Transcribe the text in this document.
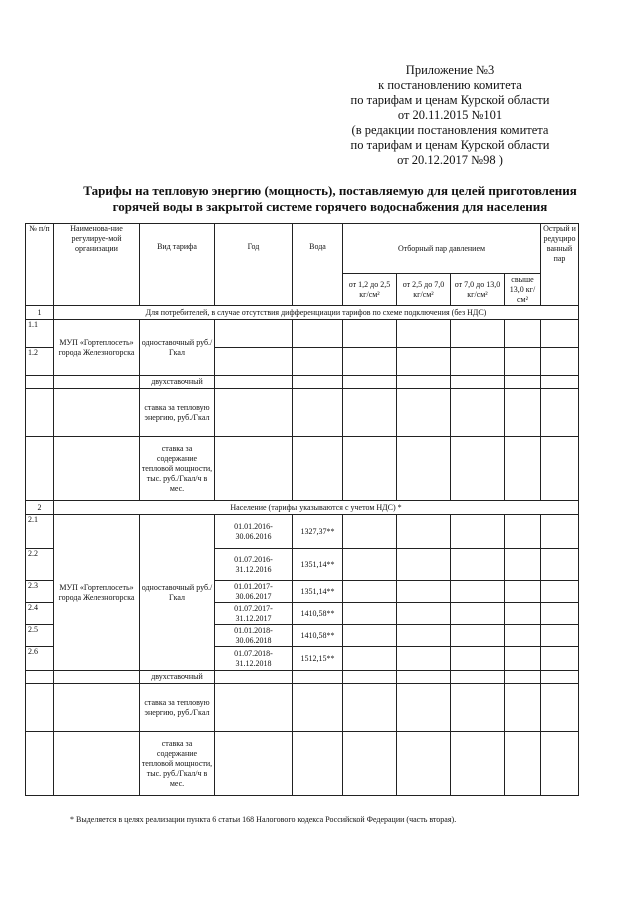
Приложение №3
к постановлению комитета
по тарифам и ценам Курской области
от 20.11.2015 №101
(в редакции постановления комитета
по тарифам и ценам Курской области
от 20.12.2017 №98 )
Тарифы на тепловую энергию (мощность), поставляемую для целей приготовления
горячей воды в закрытой системе горячего водоснабжения для населения
№ п/п	Наименова-ние регулируе-мой организации	Вид тарифа	Год	Вода	Отборный пар давлением				Острый и редуциро ванный пар
					от 1,2 до 2,5 кг/см²	от 2,5 до 7,0 кг/см²	от 7,0 до 13,0 кг/см²	свыше 13,0 кг/см²	
1	Для потребителей, в случае отсутствия дифференциации тарифов по схеме подключения (без НДС)								
1.1	МУП «Гортеплосеть» города Железногорска	одноставочный руб./Гкал							
1.2									
		двухставочный							
		ставка за тепловую энергию, руб./Гкал							
		ставка за содержание тепловой мощности, тыс. руб./Гкал/ч в мес.							
2	Население (тарифы указываются с учетом НДС) *								
2.1	МУП «Гортеплосеть» города Железногорска	одноставочный руб./Гкал	01.01.2016- 30.06.2016	1327,37**					
2.2			01.07.2016- 31.12.2016	1351,14**					
2.3			01.01.2017- 30.06.2017	1351,14**					
2.4			01.07.2017- 31.12.2017	1410,58**					
2.5			01.01.2018- 30.06.2018	1410,58**					
2.6			01.07.2018- 31.12.2018	1512,15**					
		двухставочный							
		ставка за тепловую энергию, руб./Гкал							
		ставка за содержание тепловой мощности, тыс. руб./Гкал/ч в мес.							
* Выделяется в целях реализации пункта 6 статьи 168 Налогового кодекса Российской Федерации (часть вторая).
